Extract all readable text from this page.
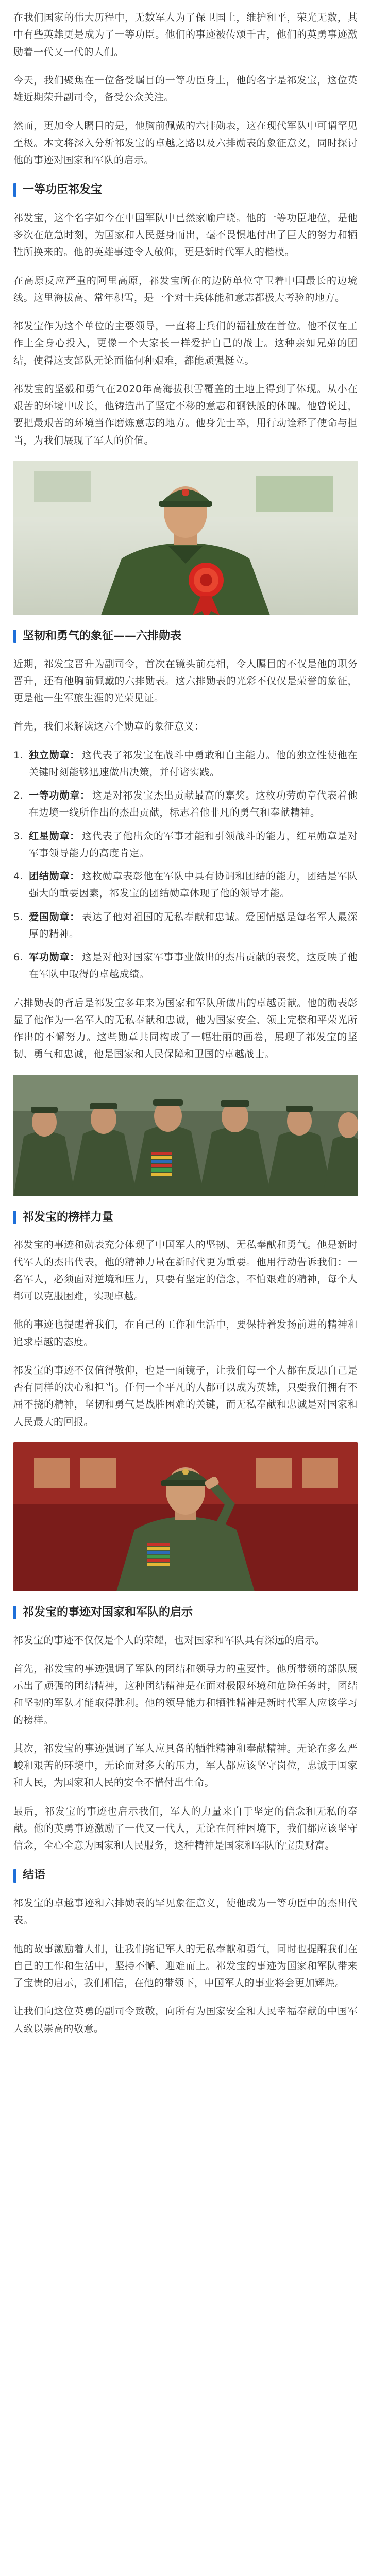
在我们国家的伟大历程中，无数军人为了保卫国土，维护和平，荣光无数，其中有些英雄更是成为了一等功臣。他们的事迹被传颂千古，他们的英勇事迹激励着一代又一代的人们。

今天，我们聚焦在一位备受瞩目的一等功臣身上，他的名字是祁发宝，这位英雄近期荣升副司令，备受公众关注。

然而，更加令人瞩目的是，他胸前佩戴的六排勋表，这在现代军队中可谓罕见至极。本文将深入分析祁发宝的卓越之路以及六排勋表的象征意义，同时探讨他的事迹对国家和军队的启示。

一等功臣祁发宝

祁发宝，这个名字如今在中国军队中已然家喻户晓。他的一等功臣地位，是他多次在危急时刻，为国家和人民挺身而出，毫不畏惧地付出了巨大的努力和牺牲所换来的。他的英雄事迹令人敬仰，更是新时代军人的楷模。

在高原反应严重的阿里高原，祁发宝所在的边防单位守卫着中国最长的边境线。这里海拔高、常年积雪，是一个对士兵体能和意志都极大考验的地方。

祁发宝作为这个单位的主要领导，一直将士兵们的福祉放在首位。他不仅在工作上全身心投入，更像一个大家长一样爱护自己的战士。这种亲如兄弟的团结，使得这支部队无论面临何种艰难，都能顽强挺立。

祁发宝的坚毅和勇气在2020年高海拔积雪覆盖的土地上得到了体现。从小在艰苦的环境中成长，他铸造出了坚定不移的意志和钢铁般的体魄。他曾说过，要把最艰苦的环境当作磨炼意志的地方。他身先士卒，用行动诠释了使命与担当，为我们展现了军人的价值。

坚韧和勇气的象征——六排勋表

近期，祁发宝晋升为副司令，首次在镜头前亮相，令人瞩目的不仅是他的职务晋升，还有他胸前佩戴的六排勋表。这六排勋表的光彩不仅仅是荣誉的象征，更是他一生军旅生涯的光荣见证。

首先，我们来解读这六个勋章的象征意义：

1. 独立勋章： 这代表了祁发宝在战斗中勇敢和自主能力。他的独立性使他在关键时刻能够迅速做出决策，并付诸实践。
2. 一等功勋章： 这是对祁发宝杰出贡献最高的嘉奖。这枚功劳勋章代表着他在边境一线所作出的杰出贡献，标志着他非凡的勇气和奉献精神。
3. 红星勋章： 这代表了他出众的军事才能和引领战斗的能力，红星勋章是对军事领导能力的高度肯定。
4. 团结勋章： 这枚勋章表彰他在军队中具有协调和团结的能力，团结是军队强大的重要因素，祁发宝的团结勋章体现了他的领导才能。
5. 爱国勋章： 表达了他对祖国的无私奉献和忠诚。爱国情感是每名军人最深厚的精神。
6. 军功勋章： 这是对他对国家军事事业做出的杰出贡献的表奖，这反映了他在军队中取得的卓越成绩。

六排勋表的背后是祁发宝多年来为国家和军队所做出的卓越贡献。他的勋表彰显了他作为一名军人的无私奉献和忠诚，他为国家安全、领土完整和平荣光所作出的不懈努力。这些勋章共同构成了一幅壮丽的画卷，展现了祁发宝的坚韧、勇气和忠诚，他是国家和人民保障和卫国的卓越战士。

祁发宝的榜样力量

祁发宝的事迹和勋表充分体现了中国军人的坚韧、无私奉献和勇气。他是新时代军人的杰出代表，他的精神力量在新时代更为重要。他用行动告诉我们：一名军人，必须面对逆境和压力，只要有坚定的信念，不怕艰难的精神，每个人都可以克服困难，实现卓越。

他的事迹也提醒着我们，在自己的工作和生活中，要保持着发扬前进的精神和追求卓越的态度。

祁发宝的事迹不仅值得敬仰，也是一面镜子，让我们每一个人都在反思自己是否有同样的决心和担当。任何一个平凡的人都可以成为英雄，只要我们拥有不屈不挠的精神，坚韧和勇气是战胜困难的关键，而无私奉献和忠诚是对国家和人民最大的回报。

祁发宝的事迹对国家和军队的启示

祁发宝的事迹不仅仅是个人的荣耀，也对国家和军队具有深远的启示。

首先，祁发宝的事迹强调了军队的团结和领导力的重要性。他所带领的部队展示出了顽强的团结精神，这种团结精神是在面对极限环境和危险任务时，团结和坚韧的军队才能取得胜利。他的领导能力和牺牲精神是新时代军人应该学习的榜样。

其次，祁发宝的事迹强调了军人应具备的牺牲精神和奉献精神。无论在多么严峻和艰苦的环境中，无论面对多大的压力，军人都应该坚守岗位，忠诚于国家和人民，为国家和人民的安全不惜付出生命。

最后，祁发宝的事迹也启示我们，军人的力量来自于坚定的信念和无私的奉献。他的英勇事迹激励了一代又一代人，无论在何种困境下，我们都应该坚守信念，全心全意为国家和人民服务，这种精神是国家和军队的宝贵财富。

结语

祁发宝的卓越事迹和六排勋表的罕见象征意义，使他成为一等功臣中的杰出代表。

他的故事激励着人们，让我们铭记军人的无私奉献和勇气，同时也提醒我们在自己的工作和生活中，坚持不懈、迎难而上。祁发宝的事迹为国家和军队带来了宝贵的启示，我们相信，在他的带领下，中国军人的事业将会更加辉煌。

让我们向这位英勇的副司令致敬，向所有为国家安全和人民幸福奉献的中国军人致以崇高的敬意。
